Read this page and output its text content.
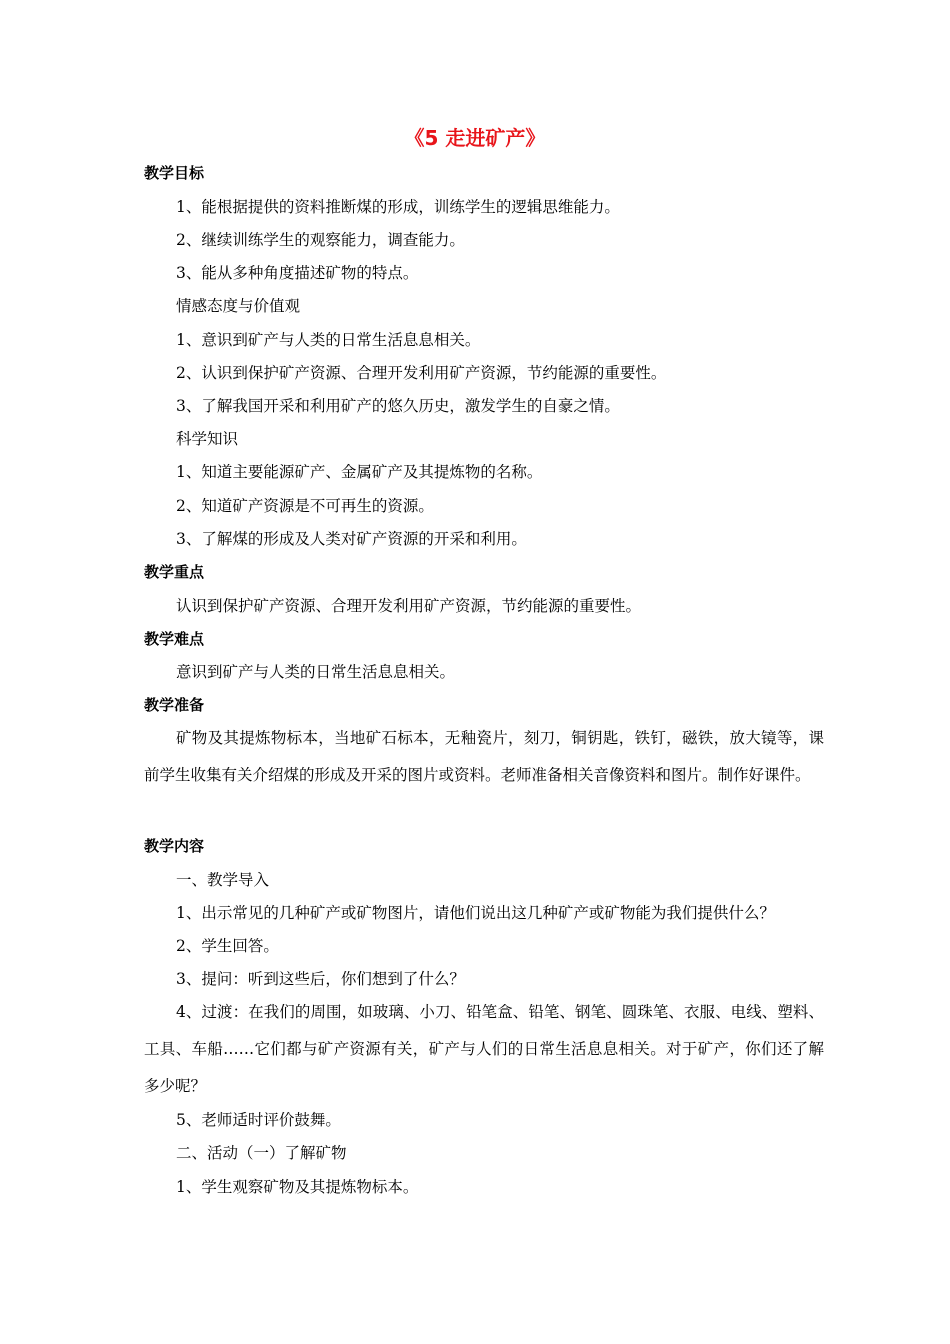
《5 走进矿产》
教学目标
1、能根据提供的资料推断煤的形成，训练学生的逻辑思维能力。
2、继续训练学生的观察能力，调查能力。
3、能从多种角度描述矿物的特点。
情感态度与价值观
1、意识到矿产与人类的日常生活息息相关。
2、认识到保护矿产资源、合理开发利用矿产资源，节约能源的重要性。
3、了解我国开采和利用矿产的悠久历史，激发学生的自豪之情。
科学知识
1、知道主要能源矿产、金属矿产及其提炼物的名称。
2、知道矿产资源是不可再生的资源。
3、了解煤的形成及人类对矿产资源的开采和利用。
教学重点
认识到保护矿产资源、合理开发利用矿产资源，节约能源的重要性。
教学难点
意识到矿产与人类的日常生活息息相关。
教学准备

矿物及其提炼物标本，当地矿石标本，无釉瓷片，刻刀，铜钥匙，铁钉，磁铁，放大镜等，课前学生收集有关介绍煤的形成及开采的图片或资料。老师准备相关音像资料和图片。制作好课件。

教学内容
一、教学导入
1、出示常见的几种矿产或矿物图片，请他们说出这几种矿产或矿物能为我们提供什么？
2、学生回答。
3、提问：听到这些后，你们想到了什么？

4、过渡：在我们的周围，如玻璃、小刀、铅笔盒、铅笔、钢笔、圆珠笔、衣服、电线、塑料、工具、车船……它们都与矿产资源有关，矿产与人们的日常生活息息相关。对于矿产，你们还了解多少呢？

5、老师适时评价鼓舞。
二、活动（一）了解矿物
1、学生观察矿物及其提炼物标本。
